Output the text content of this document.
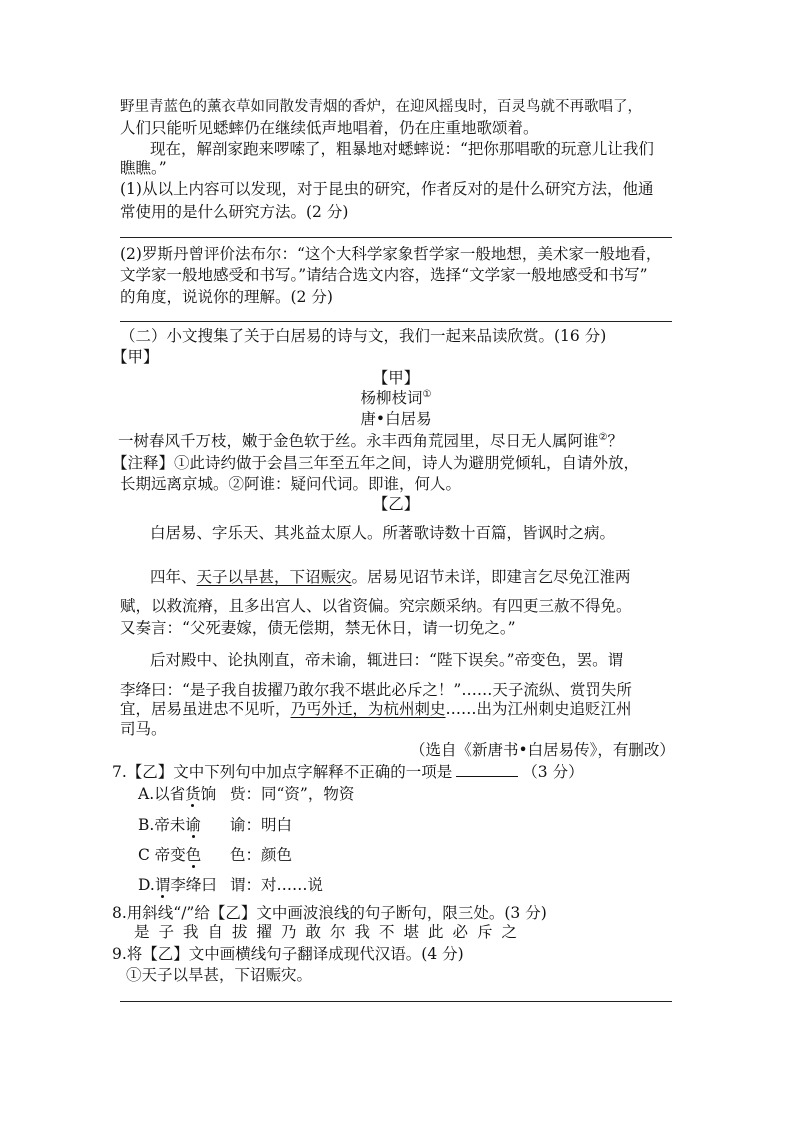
野里青蓝色的薰衣草如同散发青烟的香炉，在迎风摇曳时，百灵鸟就不再歌唱了，
人们只能听见蟋蟀仍在继续低声地唱着，仍在庄重地歌颂着。
现在，解剖家跑来啰嗦了，粗暴地对蟋蟀说：“把你那唱歌的玩意儿让我们
瞧瞧。”
(1)从以上内容可以发现，对于昆虫的研究，作者反对的是什么研究方法，他通
常使用的是什么研究方法。(2 分)
(2)罗斯丹曾评价法布尔：“这个大科学家象哲学家一般地想，美术家一般地看，
文学家一般地感受和书写。”请结合选文内容，选择“文学家一般地感受和书写”
的角度，说说你的理解。(2 分)
（二）小文搜集了关于白居易的诗与文，我们一起来品读欣赏。(16 分)
【甲】
【甲】
杨柳枝词①
唐•白居易
一树春风千万枝，嫩于金色软于丝。永丰西角荒园里，尽日无人属阿谁②？
【注释】①此诗约做于会昌三年至五年之间，诗人为避朋党倾轧，自请外放，
长期远离京城。②阿谁：疑问代词。即谁，何人。
【乙】
白居易、字乐天、其兆益太原人。所著歌诗数十百篇，皆讽时之病。
四年、天子以旱甚，下诏赈灾。居易见诏节未详，即建言乞尽免江淮两
赋，以救流瘠，且多出宫人、以省资偏。究宗颇采纳。有四更三赦不得免。
又奏言：“父死妻嫁，债无偿期，禁无休日，请一切免之。”
后对殿中、论执刚直，帝未谕，辄进曰：“陛下误矣。”帝变色，罢。谓
李绛曰：“是子我自拔擢乃敢尔我不堪此必斥之！”……天子流纵、赏罚失所
宜，居易虽进忠不见听，乃丐外迁，为杭州刺史……出为江州刺史追贬江州
司马。
（选自《新唐书•白居易传》，有删改）
7.【乙】文中下列句中加点字解释不正确的一项是	（3 分）
A.以省货饷 赀：同“资”，物资
B.帝未谕 谕：明白
C 帝变色 色：颜色
D.谓李绛曰 谓：对……说
8.用斜线“/”给【乙】文中画波浪线的句子断句，限三处。(3 分)
是子我自拔擢乃敢尔我不堪此必斥之
9.将【乙】文中画横线句子翻译成现代汉语。(4 分)
①天子以旱甚，下诏赈灾。
